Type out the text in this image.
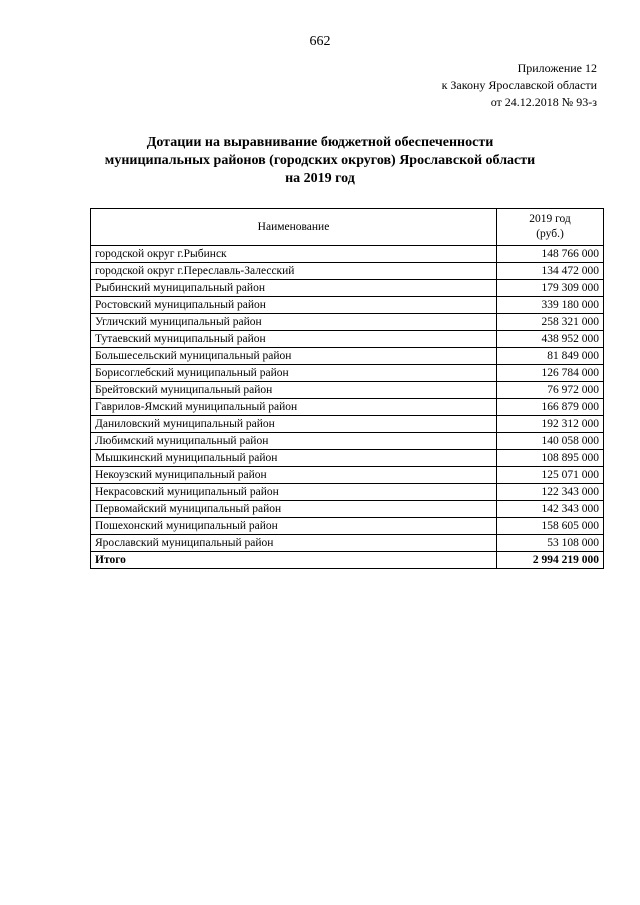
662
Приложение 12
к Закону Ярославской области
от 24.12.2018 № 93-з
Дотации на выравнивание бюджетной обеспеченности
муниципальных районов (городских округов) Ярославской области
на 2019 год
Наименование	2019 год
(руб.)

городской округ г.Рыбинск	148 766 000
городской округ г.Переславль-Залесский	134 472 000
Рыбинский муниципальный район	179 309 000
Ростовский муниципальный район	339 180 000
Угличский муниципальный район	258 321 000
Тутаевский муниципальный район	438 952 000
Большесельский муниципальный район	81 849 000
Борисоглебский муниципальный район	126 784 000
Брейтовский муниципальный район	76 972 000
Гаврилов-Ямский муниципальный район	166 879 000
Даниловский муниципальный район	192 312 000
Любимский муниципальный район	140 058 000
Мышкинский муниципальный район	108 895 000
Некоузский муниципальный район	125 071 000
Некрасовский муниципальный район	122 343 000
Первомайский муниципальный район	142 343 000
Пошехонский муниципальный район	158 605 000
Ярославский муниципальный район	53 108 000
Итого	2 994 219 000
